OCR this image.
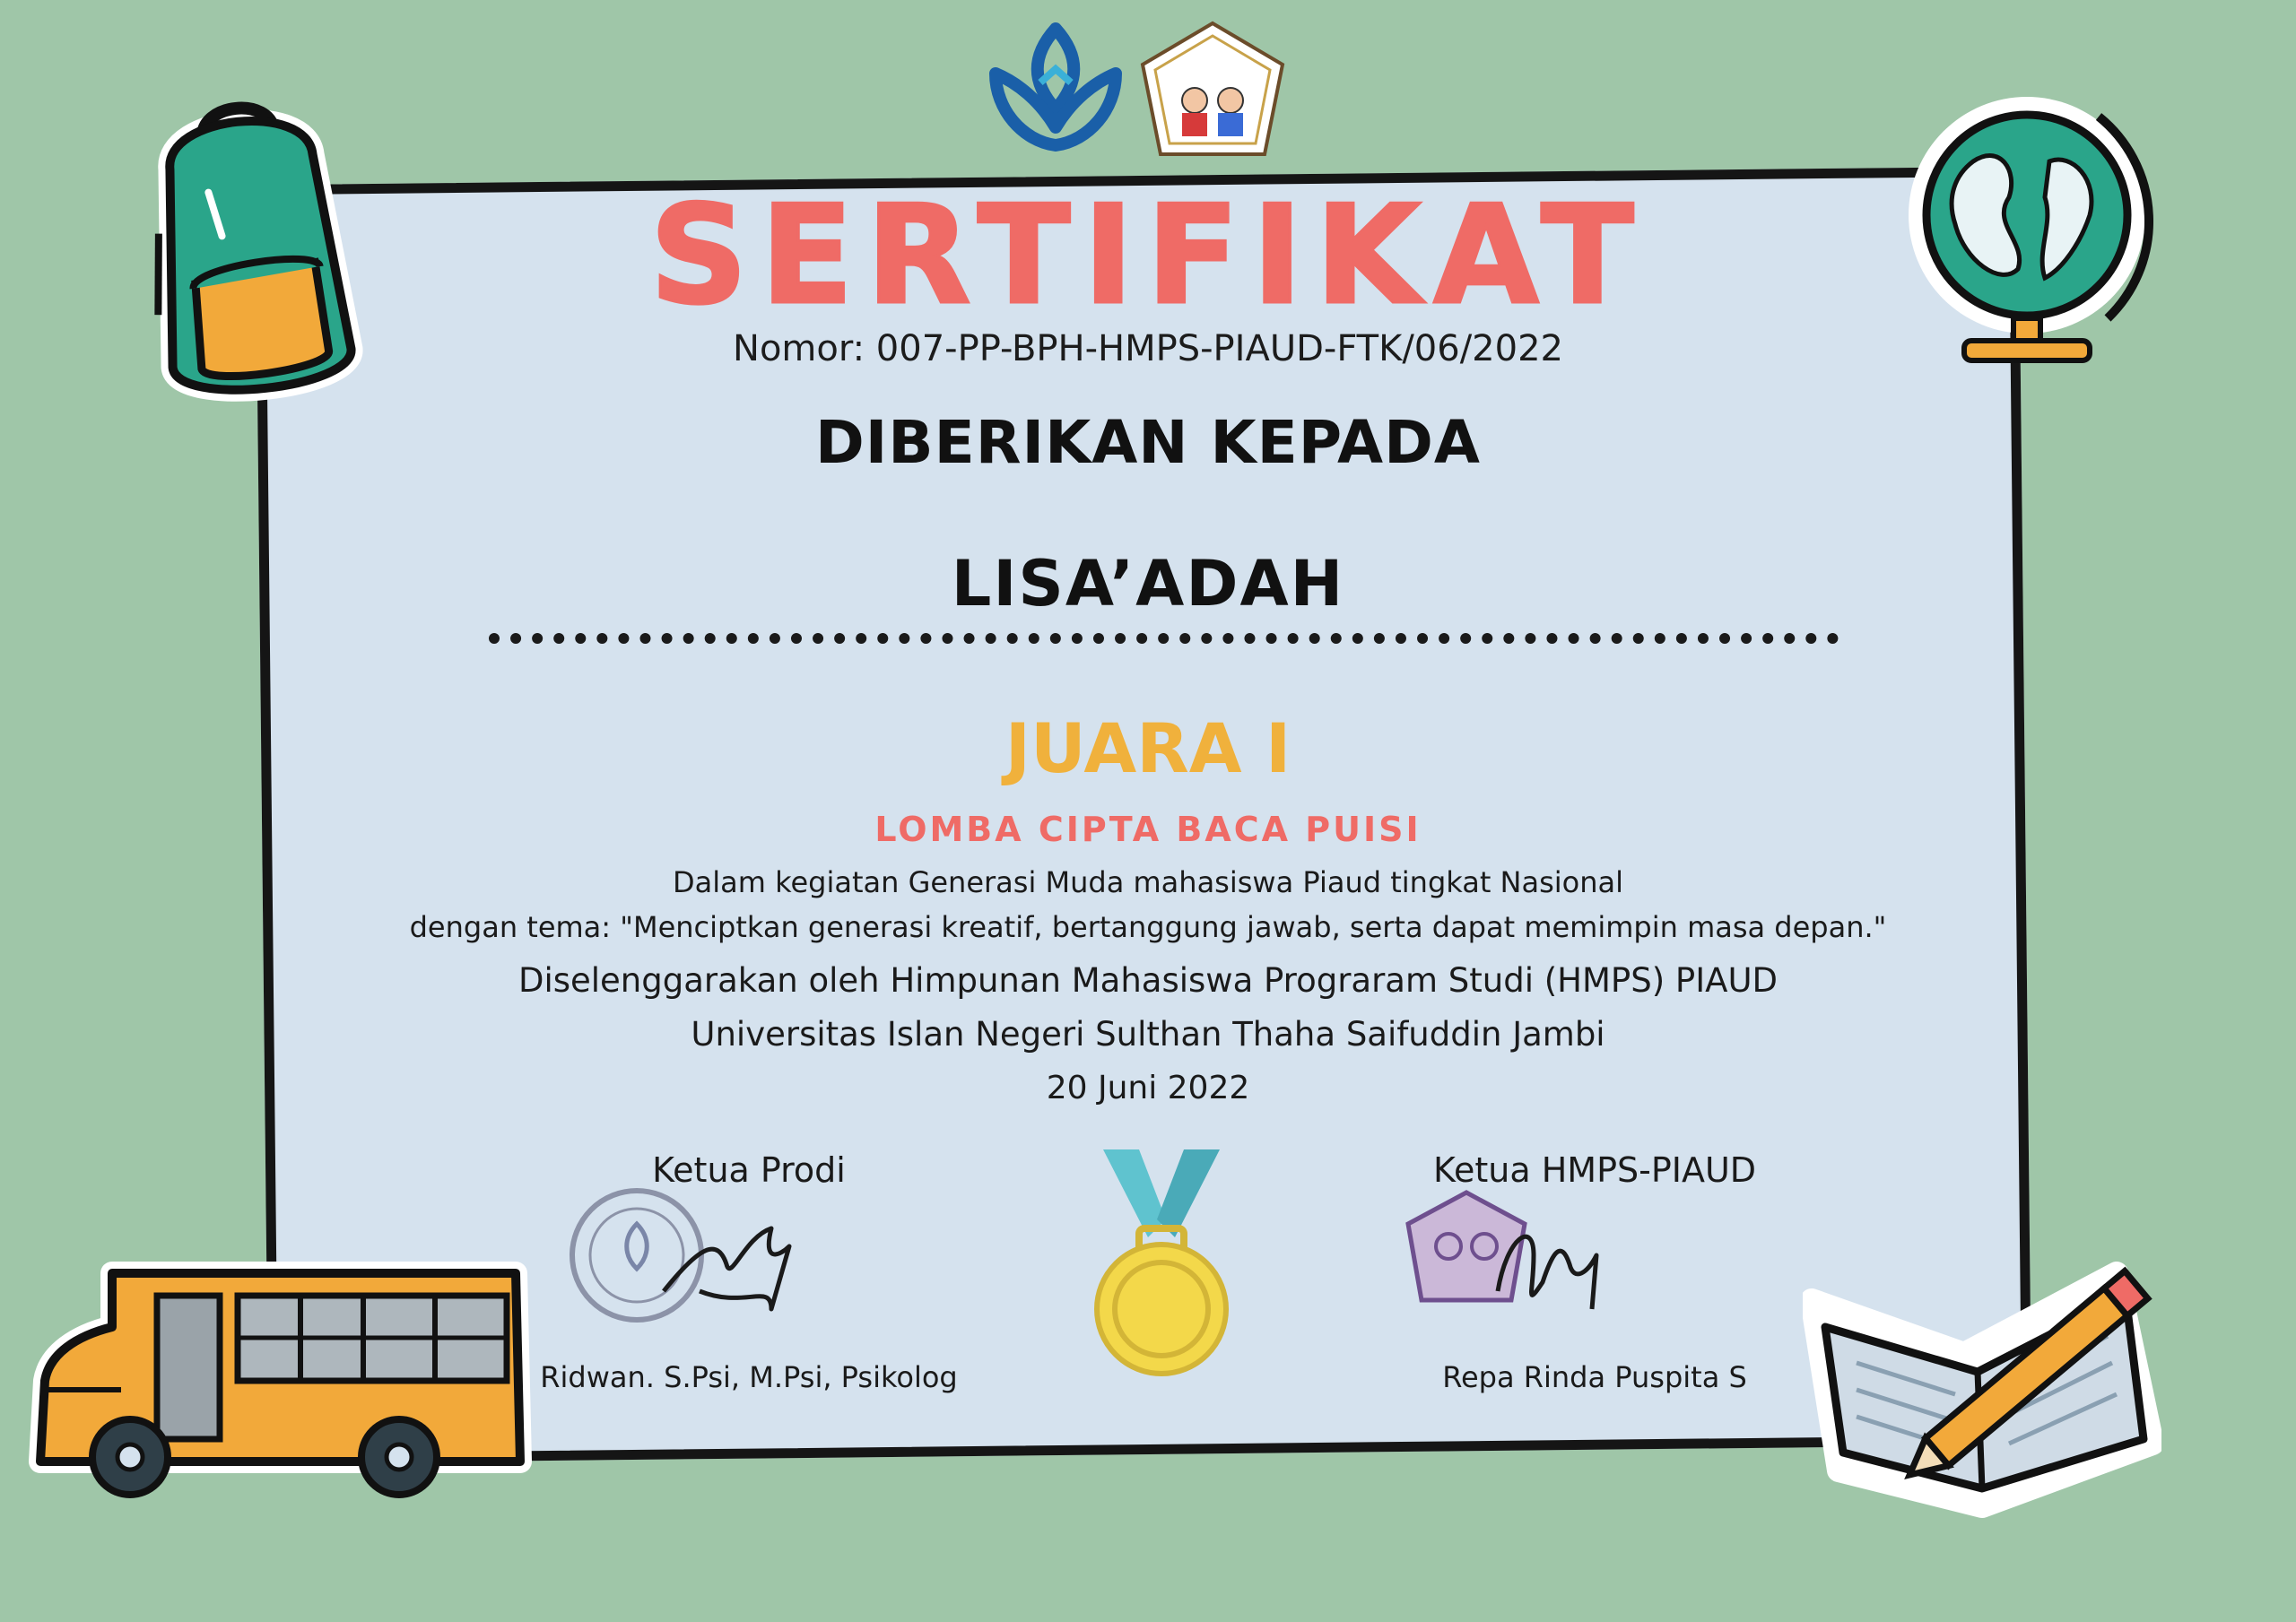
SERTIFIKAT
Nomor: 007-PP-BPH-HMPS-PIAUD-FTK/06/2022
DIBERIKAN KEPADA
LISA’ADAH
JUARA I
LOMBA CIPTA BACA PUISI
Dalam kegiatan Generasi Muda mahasiswa Piaud tingkat Nasional
dengan tema: "Menciptkan generasi kreatif, bertanggung jawab, serta dapat memimpin masa depan."
Diselenggarakan oleh Himpunan Mahasiswa Prograram Studi (HMPS) PIAUD
Universitas Islan Negeri Sulthan Thaha Saifuddin Jambi
20 Juni 2022
Ketua Prodi
Ridwan. S.Psi, M.Psi, Psikolog
Ketua HMPS-PIAUD
Repa Rinda Puspita S
